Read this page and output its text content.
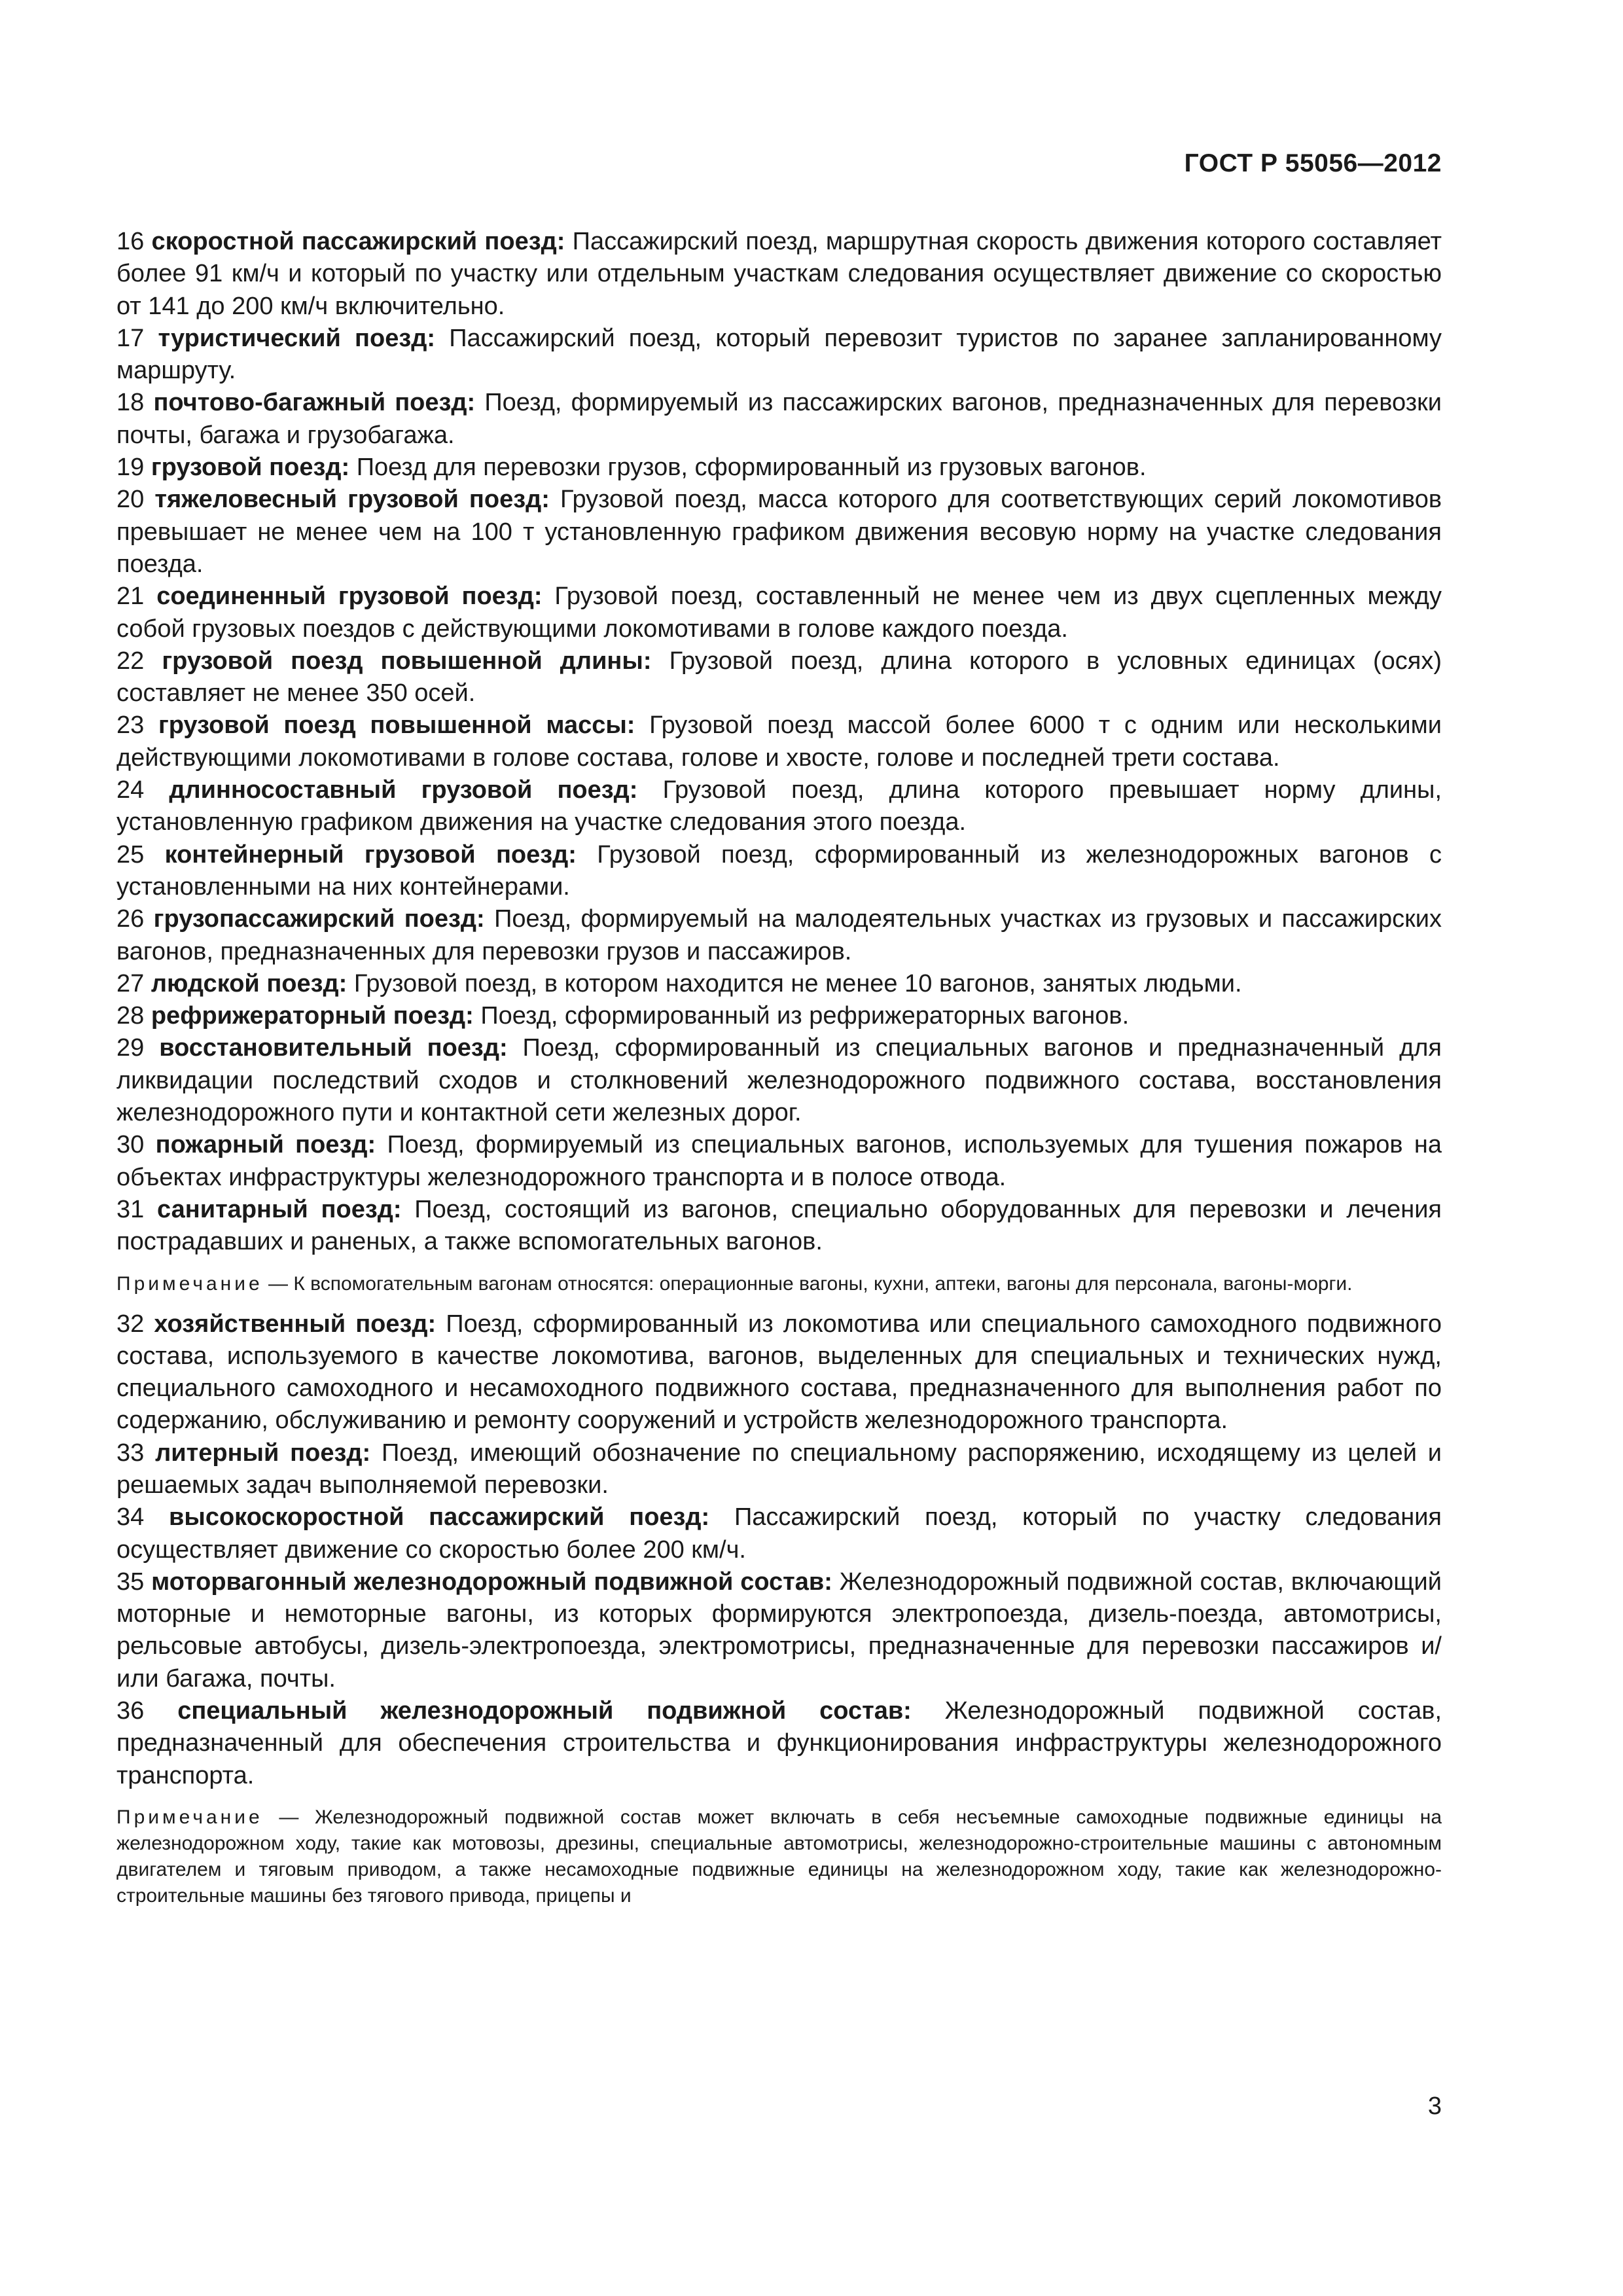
ГОСТ Р 55056—2012

16 скоростной пассажирский поезд: Пассажирский поезд, маршрутная скорость движения которого составляет более 91 км/ч и который по участку или отдельным участкам следования осуществляет движение со скоростью от 141 до 200 км/ч включительно.

17 туристический поезд: Пассажирский поезд, который перевозит туристов по заранее запланированному маршруту.

18 почтово-багажный поезд: Поезд, формируемый из пассажирских вагонов, предназначенных для перевозки почты, багажа и грузобагажа.

19 грузовой поезд: Поезд для перевозки грузов, сформированный из грузовых вагонов.

20 тяжеловесный грузовой поезд: Грузовой поезд, масса которого для соответствующих серий локомотивов превышает не менее чем на 100 т установленную графиком движения весовую норму на участке следования поезда.

21 соединенный грузовой поезд: Грузовой поезд, составленный не менее чем из двух сцепленных между собой грузовых поездов с действующими локомотивами в голове каждого поезда.

22 грузовой поезд повышенной длины: Грузовой поезд, длина которого в условных единицах (осях) составляет не менее 350 осей.

23 грузовой поезд повышенной массы: Грузовой поезд массой более 6000 т с одним или несколькими действующими локомотивами в голове состава, голове и хвосте, голове и последней трети состава.

24 длинносоставный грузовой поезд: Грузовой поезд, длина которого превышает норму длины, установленную графиком движения на участке следования этого поезда.

25 контейнерный грузовой поезд: Грузовой поезд, сформированный из железнодорожных вагонов с установленными на них контейнерами.

26 грузопассажирский поезд: Поезд, формируемый на малодеятельных участках из грузовых и пассажирских вагонов, предназначенных для перевозки грузов и пассажиров.

27 людской поезд: Грузовой поезд, в котором находится не менее 10 вагонов, занятых людьми.

28 рефрижераторный поезд: Поезд, сформированный из рефрижераторных вагонов.

29 восстановительный поезд: Поезд, сформированный из специальных вагонов и предназначенный для ликвидации последствий сходов и столкновений железнодорожного подвижного состава, восстановления железнодорожного пути и контактной сети железных дорог.

30 пожарный поезд: Поезд, формируемый из специальных вагонов, используемых для тушения пожаров на объектах инфраструктуры железнодорожного транспорта и в полосе отвода.

31 санитарный поезд: Поезд, состоящий из вагонов, специально оборудованных для перевозки и лечения пострадавших и раненых, а также вспомогательных вагонов.

Примечание — К вспомогательным вагонам относятся: операционные вагоны, кухни, аптеки, вагоны для персонала, вагоны-морги.

32 хозяйственный поезд: Поезд, сформированный из локомотива или специального самоходного подвижного состава, используемого в качестве локомотива, вагонов, выделенных для специальных и технических нужд, специального самоходного и несамоходного подвижного состава, предназначенного для выполнения работ по содержанию, обслуживанию и ремонту сооружений и устройств железнодорожного транспорта.

33 литерный поезд: Поезд, имеющий обозначение по специальному распоряжению, исходящему из целей и решаемых задач выполняемой перевозки.

34 высокоскоростной пассажирский поезд: Пассажирский поезд, который по участку следования осуществляет движение со скоростью более 200 км/ч.

35 моторвагонный железнодорожный подвижной состав: Железнодорожный подвижной состав, включающий моторные и немоторные вагоны, из которых формируются электропоезда, дизель-поезда, автомотрисы, рельсовые автобусы, дизель-электропоезда, электромотрисы, предназначенные для перевозки пассажиров и/или багажа, почты.

36 специальный железнодорожный подвижной состав: Железнодорожный подвижной состав, предназначенный для обеспечения строительства и функционирования инфраструктуры железнодорожного транспорта.

Примечание — Железнодорожный подвижной состав может включать в себя несъемные самоходные подвижные единицы на железнодорожном ходу, такие как мотовозы, дрезины, специальные автомотрисы, железнодорожно-строительные машины с автономным двигателем и тяговым приводом, а также несамоходные подвижные единицы на железнодорожном ходу, такие как железнодорожно-строительные машины без тягового привода, прицепы и

3
